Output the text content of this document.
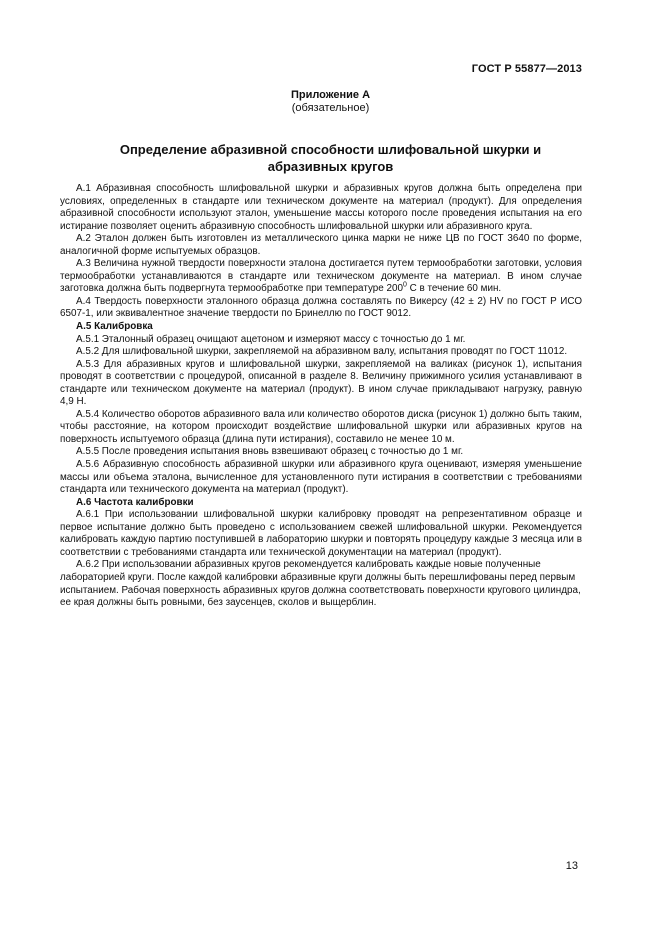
ГОСТ Р 55877—2013
Приложение А
(обязательное)
Определение абразивной способности шлифовальной шкурки и абразивных кругов

А.1 Абразивная способность шлифовальной шкурки и абразивных кругов должна быть определена при условиях, определенных в стандарте или техническом документе на материал (продукт). Для определения абразивной способности используют эталон, уменьшение массы которого после проведения испытания на его истирание позволяет оценить абразивную способность шлифовальной шкурки или абразивного круга.

А.2 Эталон должен быть изготовлен из металлического цинка марки не ниже ЦВ по ГОСТ 3640 по форме, аналогичной форме испытуемых образцов.

А.3 Величина нужной твердости поверхности эталона достигается путем термообработки заготовки, условия термообработки устанавливаются в стандарте или техническом документе на материал. В ином случае заготовка должна быть подвергнута термообработке при температуре $200^0$ С в течение 60 мин.

А.4 Твердость поверхности эталонного образца должна составлять по Викерсу (42 ± 2) HV по ГОСТ Р ИСО 6507-1, или эквивалентное значение твердости по Бринеллю по ГОСТ 9012.

А.5 Калибровка

А.5.1 Эталонный образец очищают ацетоном и измеряют массу с точностью до 1 мг.

А.5.2 Для шлифовальной шкурки, закрепляемой на абразивном валу, испытания проводят по ГОСТ 11012.

А.5.3 Для абразивных кругов и шлифовальной шкурки, закрепляемой на валиках (рисунок 1), испытания проводят в соответствии с процедурой, описанной в разделе 8. Величину прижимного усилия устанавливают в стандарте или техническом документе на материал (продукт). В ином случае прикладывают нагрузку, равную 4,9 Н.

А.5.4 Количество оборотов абразивного вала или количество оборотов диска (рисунок 1) должно быть таким, чтобы расстояние, на котором происходит воздействие шлифовальной шкурки или абразивных кругов на поверхность испытуемого образца (длина пути истирания), составило не менее 10 м.

А.5.5 После проведения испытания вновь взвешивают образец с точностью до 1 мг.

А.5.6 Абразивную способность абразивной шкурки или абразивного круга оценивают, измеряя уменьшение массы или объема эталона, вычисленное для установленного пути истирания в соответствии с требованиями стандарта или технического документа на материал (продукт).

А.6 Частота калибровки

А.6.1 При использовании шлифовальной шкурки калибровку проводят на репрезентативном образце и первое испытание должно быть проведено с использованием свежей шлифовальной шкурки. Рекомендуется калибровать каждую партию поступившей в лабораторию шкурки и повторять процедуру каждые 3 месяца или в соответствии с требованиями стандарта или технической документации на материал (продукт).

А.6.2 При использовании абразивных кругов рекомендуется калибровать каждые новые полученные лабораторией круги. После каждой калибровки абразивные круги должны быть перешлифованы перед первым испытанием. Рабочая поверхность абразивных кругов должна соответствовать поверхности кругового цилиндра, ее края должны быть ровными, без заусенцев, сколов и выщерблин.

13
